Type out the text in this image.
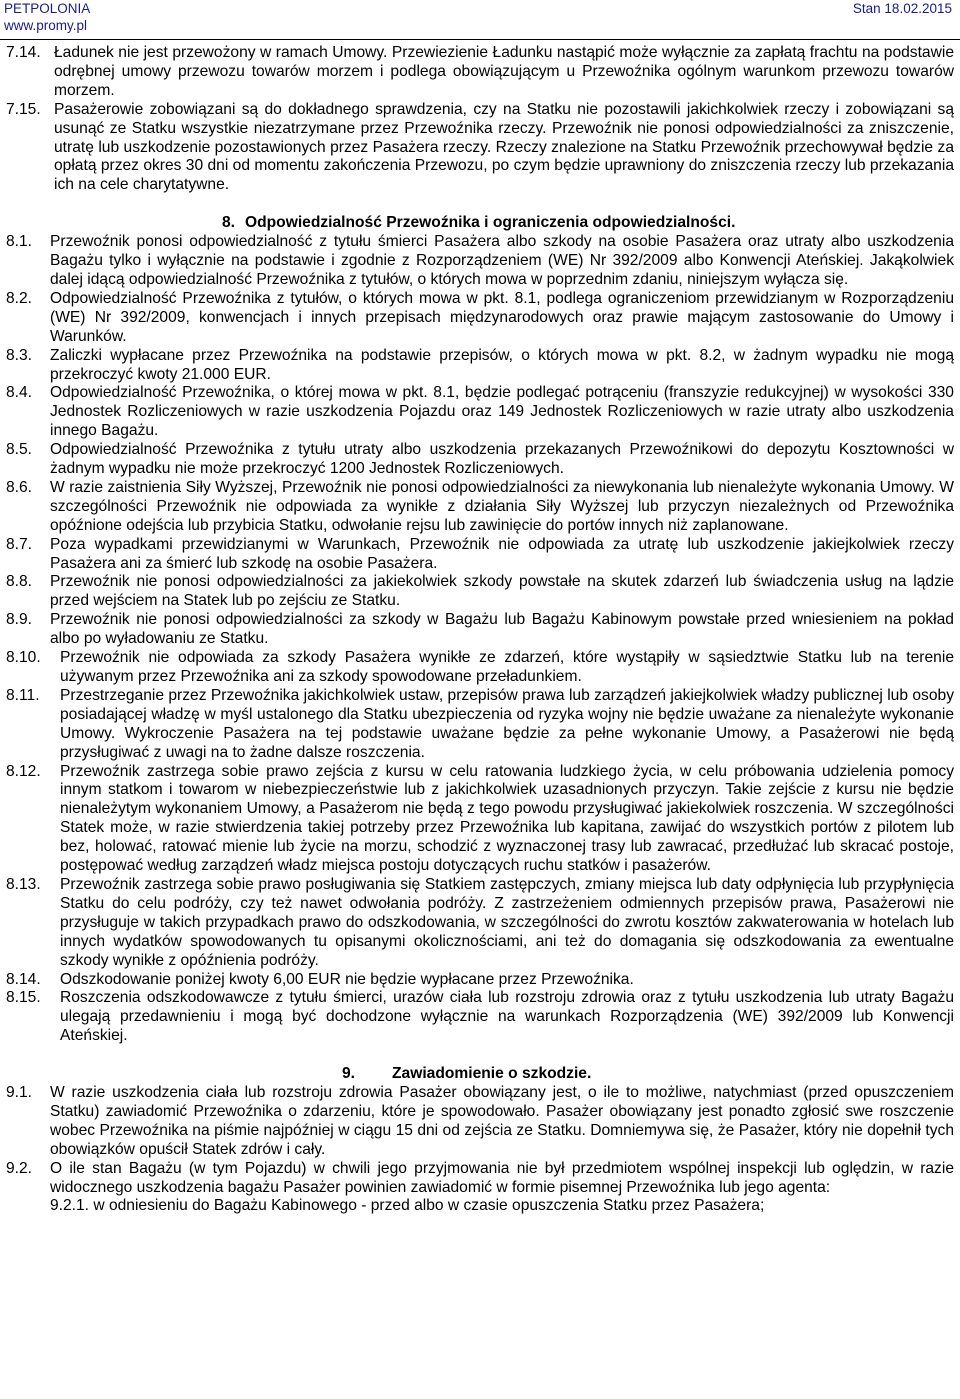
PETPOLONIA
www.promy.pl
Stan 18.02.2015
7.14. Ładunek nie jest przewożony w ramach Umowy. Przewiezienie Ładunku nastąpić może wyłącznie za zapłatą frachtu na podstawie odrębnej umowy przewozu towarów morzem i podlega obowiązującym u Przewoźnika ogólnym warunkom przewozu towarów morzem.
7.15. Pasażerowie zobowiązani są do dokładnego sprawdzenia, czy na Statku nie pozostawili jakichkolwiek rzeczy i zobowiązani są usunąć ze Statku wszystkie niezatrzymane przez Przewoźnika rzeczy. Przewoźnik nie ponosi odpowiedzialności za zniszczenie, utratę lub uszkodzenie pozostawionych przez Pasażera rzeczy. Rzeczy znalezione na Statku Przewoźnik przechowywał będzie za opłatą przez okres 30 dni od momentu zakończenia Przewozu, po czym będzie uprawniony do zniszczenia rzeczy lub przekazania ich na cele charytatywne.
8. Odpowiedzialność Przewoźnika i ograniczenia odpowiedzialności.
8.1.	Przewoźnik ponosi odpowiedzialność z tytułu śmierci Pasażera albo szkody na osobie Pasażera oraz utraty albo uszkodzenia Bagażu tylko i wyłącznie na podstawie i zgodnie z Rozporządzeniem (WE) Nr 392/2009 albo Konwencji Ateńskiej. Jakąkolwiek dalej idącą odpowiedzialność Przewoźnika z tytułów, o których mowa w poprzednim zdaniu, niniejszym wyłącza się.
8.2.	Odpowiedzialność Przewoźnika z tytułów, o których mowa w pkt. 8.1, podlega ograniczeniom przewidzianym w Rozporządzeniu (WE) Nr 392/2009, konwencjach i innych przepisach międzynarodowych oraz prawie mającym zastosowanie do Umowy i Warunków.
8.3.	Zaliczki wypłacane przez Przewoźnika na podstawie przepisów, o których mowa w pkt. 8.2, w żadnym wypadku nie mogą przekroczyć kwoty 21.000 EUR.
8.4.	Odpowiedzialność Przewoźnika, o której mowa w pkt. 8.1, będzie podlegać potrąceniu (franszyzie redukcyjnej) w wysokości 330 Jednostek Rozliczeniowych w razie uszkodzenia Pojazdu oraz 149 Jednostek Rozliczeniowych w razie utraty albo uszkodzenia innego Bagażu.
8.5.	Odpowiedzialność Przewoźnika z tytułu utraty albo uszkodzenia przekazanych Przewoźnikowi do depozytu Kosztowności w żadnym wypadku nie może przekroczyć 1200 Jednostek Rozliczeniowych.
8.6.	W razie zaistnienia Siły Wyższej, Przewoźnik nie ponosi odpowiedzialności za niewykonania lub nienależyte wykonania Umowy. W szczególności Przewoźnik nie odpowiada za wynikłe z działania Siły Wyższej lub przyczyn niezależnych od Przewoźnika opóźnione odejścia lub przybicia Statku, odwołanie rejsu lub zawinięcie do portów innych niż zaplanowane.
8.7.	Poza wypadkami przewidzianymi w Warunkach, Przewoźnik nie odpowiada za utratę lub uszkodzenie jakiejkolwiek rzeczy Pasażera ani za śmierć lub szkodę na osobie Pasażera.
8.8.	Przewoźnik nie ponosi odpowiedzialności za jakiekolwiek szkody powstałe na skutek zdarzeń lub świadczenia usług na lądzie przed wejściem na Statek lub po zejściu ze Statku.
8.9.	Przewoźnik nie ponosi odpowiedzialności za szkody w Bagażu lub Bagażu Kabinowym powstałe przed wniesieniem na pokład albo po wyładowaniu ze Statku.
8.10.	Przewoźnik nie odpowiada za szkody Pasażera wynikłe ze zdarzeń, które wystąpiły w sąsiedztwie Statku lub na terenie używanym przez Przewoźnika ani za szkody spowodowane przeładunkiem.
8.11.	Przestrzeganie przez Przewoźnika jakichkolwiek ustaw, przepisów prawa lub zarządzeń jakiejkolwiek władzy publicznej lub osoby posiadającej władzę w myśl ustalonego dla Statku ubezpieczenia od ryzyka wojny nie będzie uważane za nienależyte wykonanie Umowy. Wykroczenie Pasażera na tej podstawie uważane będzie za pełne wykonanie Umowy, a Pasażerowi nie będą przysługiwać z uwagi na to żadne dalsze roszczenia.
8.12.	Przewoźnik zastrzega sobie prawo zejścia z kursu w celu ratowania ludzkiego życia, w celu próbowania udzielenia pomocy innym statkom i towarom w niebezpieczeństwie lub z jakichkolwiek uzasadnionych przyczyn. Takie zejście z kursu nie będzie nienależytym wykonaniem Umowy, a Pasażerom nie będą z tego powodu przysługiwać jakiekolwiek roszczenia. W szczególności Statek może, w razie stwierdzenia takiej potrzeby przez Przewoźnika lub kapitana, zawijać do wszystkich portów z pilotem lub bez, holować, ratować mienie lub życie na morzu, schodzić z wyznaczonej trasy lub zawracać, przedłużać lub skracać postoje, postępować według zarządzeń władz miejsca postoju dotyczących ruchu statków i pasażerów.
8.13.	Przewoźnik zastrzega sobie prawo posługiwania się Statkiem zastępczych, zmiany miejsca lub daty odpłynięcia lub przypłynięcia Statku do celu podróży, czy też nawet odwołania podróży. Z zastrzeżeniem odmiennych przepisów prawa, Pasażerowi nie przysługuje w takich przypadkach prawo do odszkodowania, w szczególności do zwrotu kosztów zakwaterowania w hotelach lub innych wydatków spowodowanych tu opisanymi okolicznościami, ani też do domagania się odszkodowania za ewentualne szkody wynikłe z opóźnienia podróży.
8.14.	Odszkodowanie poniżej kwoty 6,00 EUR nie będzie wypłacane przez Przewoźnika.
8.15.	Roszczenia odszkodowawcze z tytułu śmierci, urazów ciała lub rozstroju zdrowia oraz z tytułu uszkodzenia lub utraty Bagażu ulegają przedawnieniu i mogą być dochodzone wyłącznie na warunkach Rozporządzenia (WE) 392/2009 lub Konwencji Ateńskiej.
9.	Zawiadomienie o szkodzie.
9.1.	W razie uszkodzenia ciała lub rozstroju zdrowia Pasażer obowiązany jest, o ile to możliwe, natychmiast (przed opuszczeniem Statku) zawiadomić Przewoźnika o zdarzeniu, które je spowodowało. Pasażer obowiązany jest ponadto zgłosić swe roszczenie wobec Przewoźnika na piśmie najpóźniej w ciągu 15 dni od zejścia ze Statku. Domniemywa się, że Pasażer, który nie dopełnił tych obowiązków opuścił Statek zdrów i cały.
9.2.	O ile stan Bagażu (w tym Pojazdu) w chwili jego przyjmowania nie był przedmiotem wspólnej inspekcji lub oględzin, w razie widocznego uszkodzenia bagażu Pasażer powinien zawiadomić w formie pisemnej Przewoźnika lub jego agenta:
9.2.1. w odniesieniu do Bagażu Kabinowego - przed albo w czasie opuszczenia Statku przez Pasażera;
